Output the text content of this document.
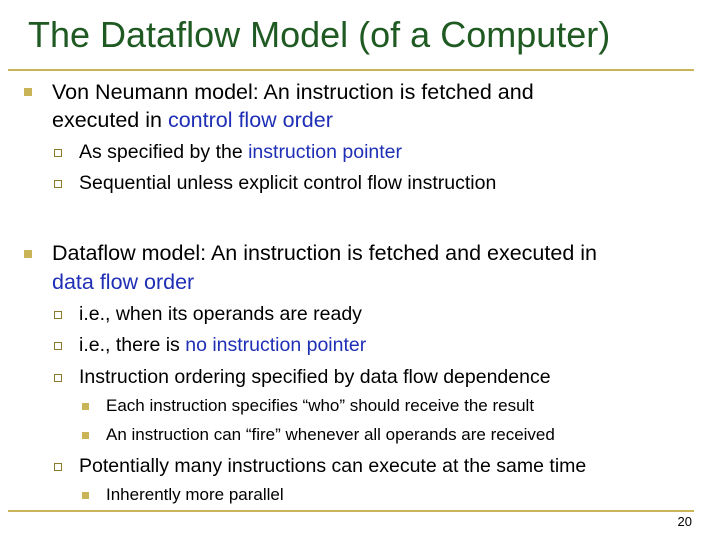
The Dataflow Model (of a Computer)
Von Neumann model: An instruction is fetched and
executed in control flow order
As specified by the instruction pointer
Sequential unless explicit control flow instruction
Dataflow model: An instruction is fetched and executed in
data flow order
i.e., when its operands are ready
i.e., there is no instruction pointer
Instruction ordering specified by data flow dependence
Each instruction specifies “who” should receive the result
An instruction can “fire” whenever all operands are received
Potentially many instructions can execute at the same time
Inherently more parallel
20
